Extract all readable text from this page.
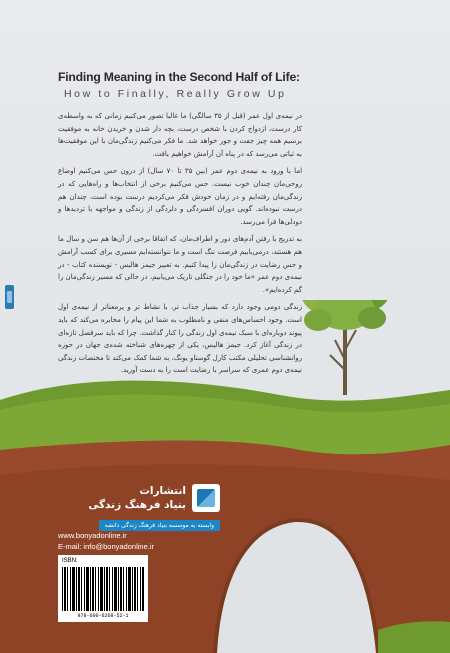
Finding Meaning in the Second Half of Life:
How to Finally, Really Grow Up

در نیمه‌ی اول عمر (قبل از ۳۵ سالگی) ما غالبا تصور می‌کنیم زمانی که به واسطه‌ی کار درست، ازدواج کردن با شخص درست، بچه دار شدن و خریدن خانه به موفقیت برسیم همه چیز جفت و جور خواهد شد. ما فکر می‌کنیم زندگی‌مان با این موفقیت‌ها به ثباتی می‌رسد که در پناه آن آرامش خواهیم یافت.

اما با ورود به نیمه‌ی دوم عمر (بین ۳۵ تا ۷۰ سال) از درون حس می‌کنیم اوضاع روحی‌مان چندان خوب نیست. حس می‌کنیم برخی از انتخاب‌ها و راه‌هایی که در زندگی‌مان رفته‌ایم و در زمان خودش فکر می‌کردیم درست بوده است، چندان هم درست نبوده‌اند. گویی دوران افسردگی و دلزدگی از زندگی و مواجهه با تردیدها و دودلی‌ها فرا می‌رسد.

به تدریج با رفتن آدم‌های دور و اطراف‌مان، که اتفاقا برخی از آن‌ها هم سن و سال ما هم هستند، درمی‌یابیم فرصت تنگ است و ما نتوانسته‌ایم مسیری برای کسب آرامش و حس رضایت در زندگی‌مان را پیدا کنیم. به تعبیر جیمز هالیس - نویسنده کتاب - در نیمه‌ی دوم عمر «ما خود را در جنگلی تاریک می‌یابیم، در حالی که مسیر زندگی‌مان را گم کرده‌ایم».

زندگی دومی وجود دارد که بسیار جذاب تر، با نشاط تر و پرمعناتر از نیمه‌ی اول است. وجود احساس‌های منفی و نامطلوب به شما این پیام را مخابره می‌کند که باید پیوند دوباره‌ای با سبک نیمه‌ی اول زندگی را کنار گذاشت. چرا که باید سرفصل تازه‌ای در زندگی آغاز کرد. جیمز هالیس، یکی از چهره‌های شناخته شده‌ی جهان در حوزه روانشناسی تحلیلی مکتب کارل گوستاو یونگ، به شما کمک می‌کند تا مختصات زندگی نیمه‌ی دوم عمری که سراسر با رضایت است را به دست آورید.

انتشارات
بنیاد فرهنگ زندگی
وابسته به موسسه بنیاد فرهنگ زندگی دانشه
www.bonyadonline.ir
E-mail: info@bonyadonline.ir
ISBN:
978-600-6268-52-1
